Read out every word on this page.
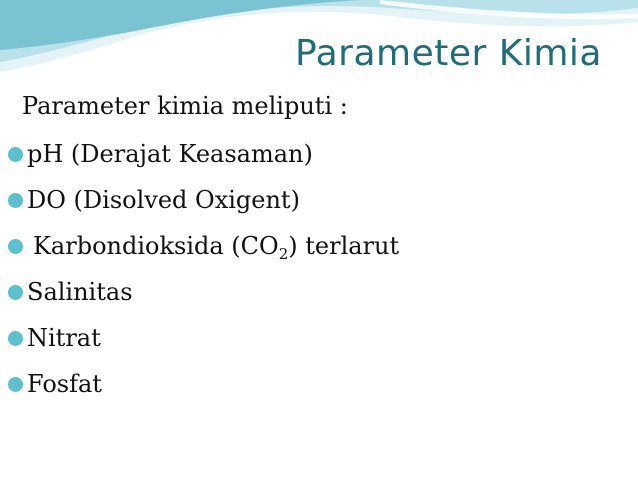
Parameter Kimia

Parameter kimia meliputi :

pH (Derajat Keasaman)
DO (Disolved Oxigent)
Karbondioksida $(CO_2)$ terlarut
Salinitas
Nitrat
Fosfat
